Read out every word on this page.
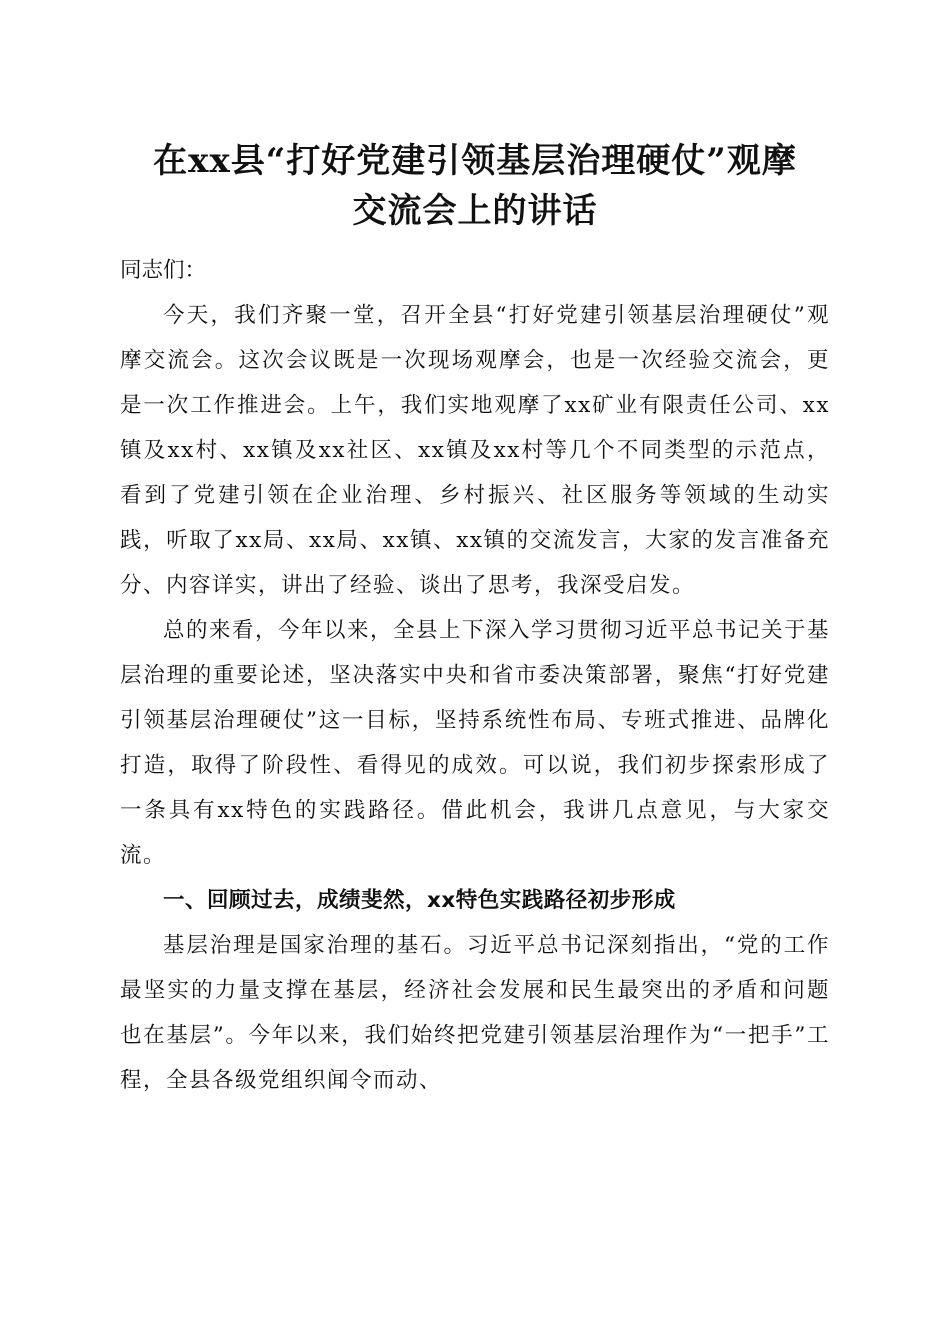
在xx县“打好党建引领基层治理硬仗”观摩
交流会上的讲话

同志们：

今天，我们齐聚一堂，召开全县“打好党建引领基层治理硬仗”观摩交流会。这次会议既是一次现场观摩会，也是一次经验交流会，更是一次工作推进会。上午，我们实地观摩了xx矿业有限责任公司、xx镇及xx村、xx镇及xx社区、xx镇及xx村等几个不同类型的示范点，看到了党建引领在企业治理、乡村振兴、社区服务等领域的生动实践，听取了xx局、xx局、xx镇、xx镇的交流发言，大家的发言准备充分、内容详实，讲出了经验、谈出了思考，我深受启发。

总的来看，今年以来，全县上下深入学习贯彻习近平总书记关于基层治理的重要论述，坚决落实中央和省市委决策部署，聚焦“打好党建引领基层治理硬仗”这一目标，坚持系统性布局、专班式推进、品牌化打造，取得了阶段性、看得见的成效。可以说，我们初步探索形成了一条具有xx特色的实践路径。借此机会，我讲几点意见，与大家交流。

一、回顾过去，成绩斐然，xx特色实践路径初步形成

基层治理是国家治理的基石。习近平总书记深刻指出，“党的工作最坚实的力量支撑在基层，经济社会发展和民生最突出的矛盾和问题也在基层”。今年以来，我们始终把党建引领基层治理作为“一把手”工程，全县各级党组织闻令而动、
